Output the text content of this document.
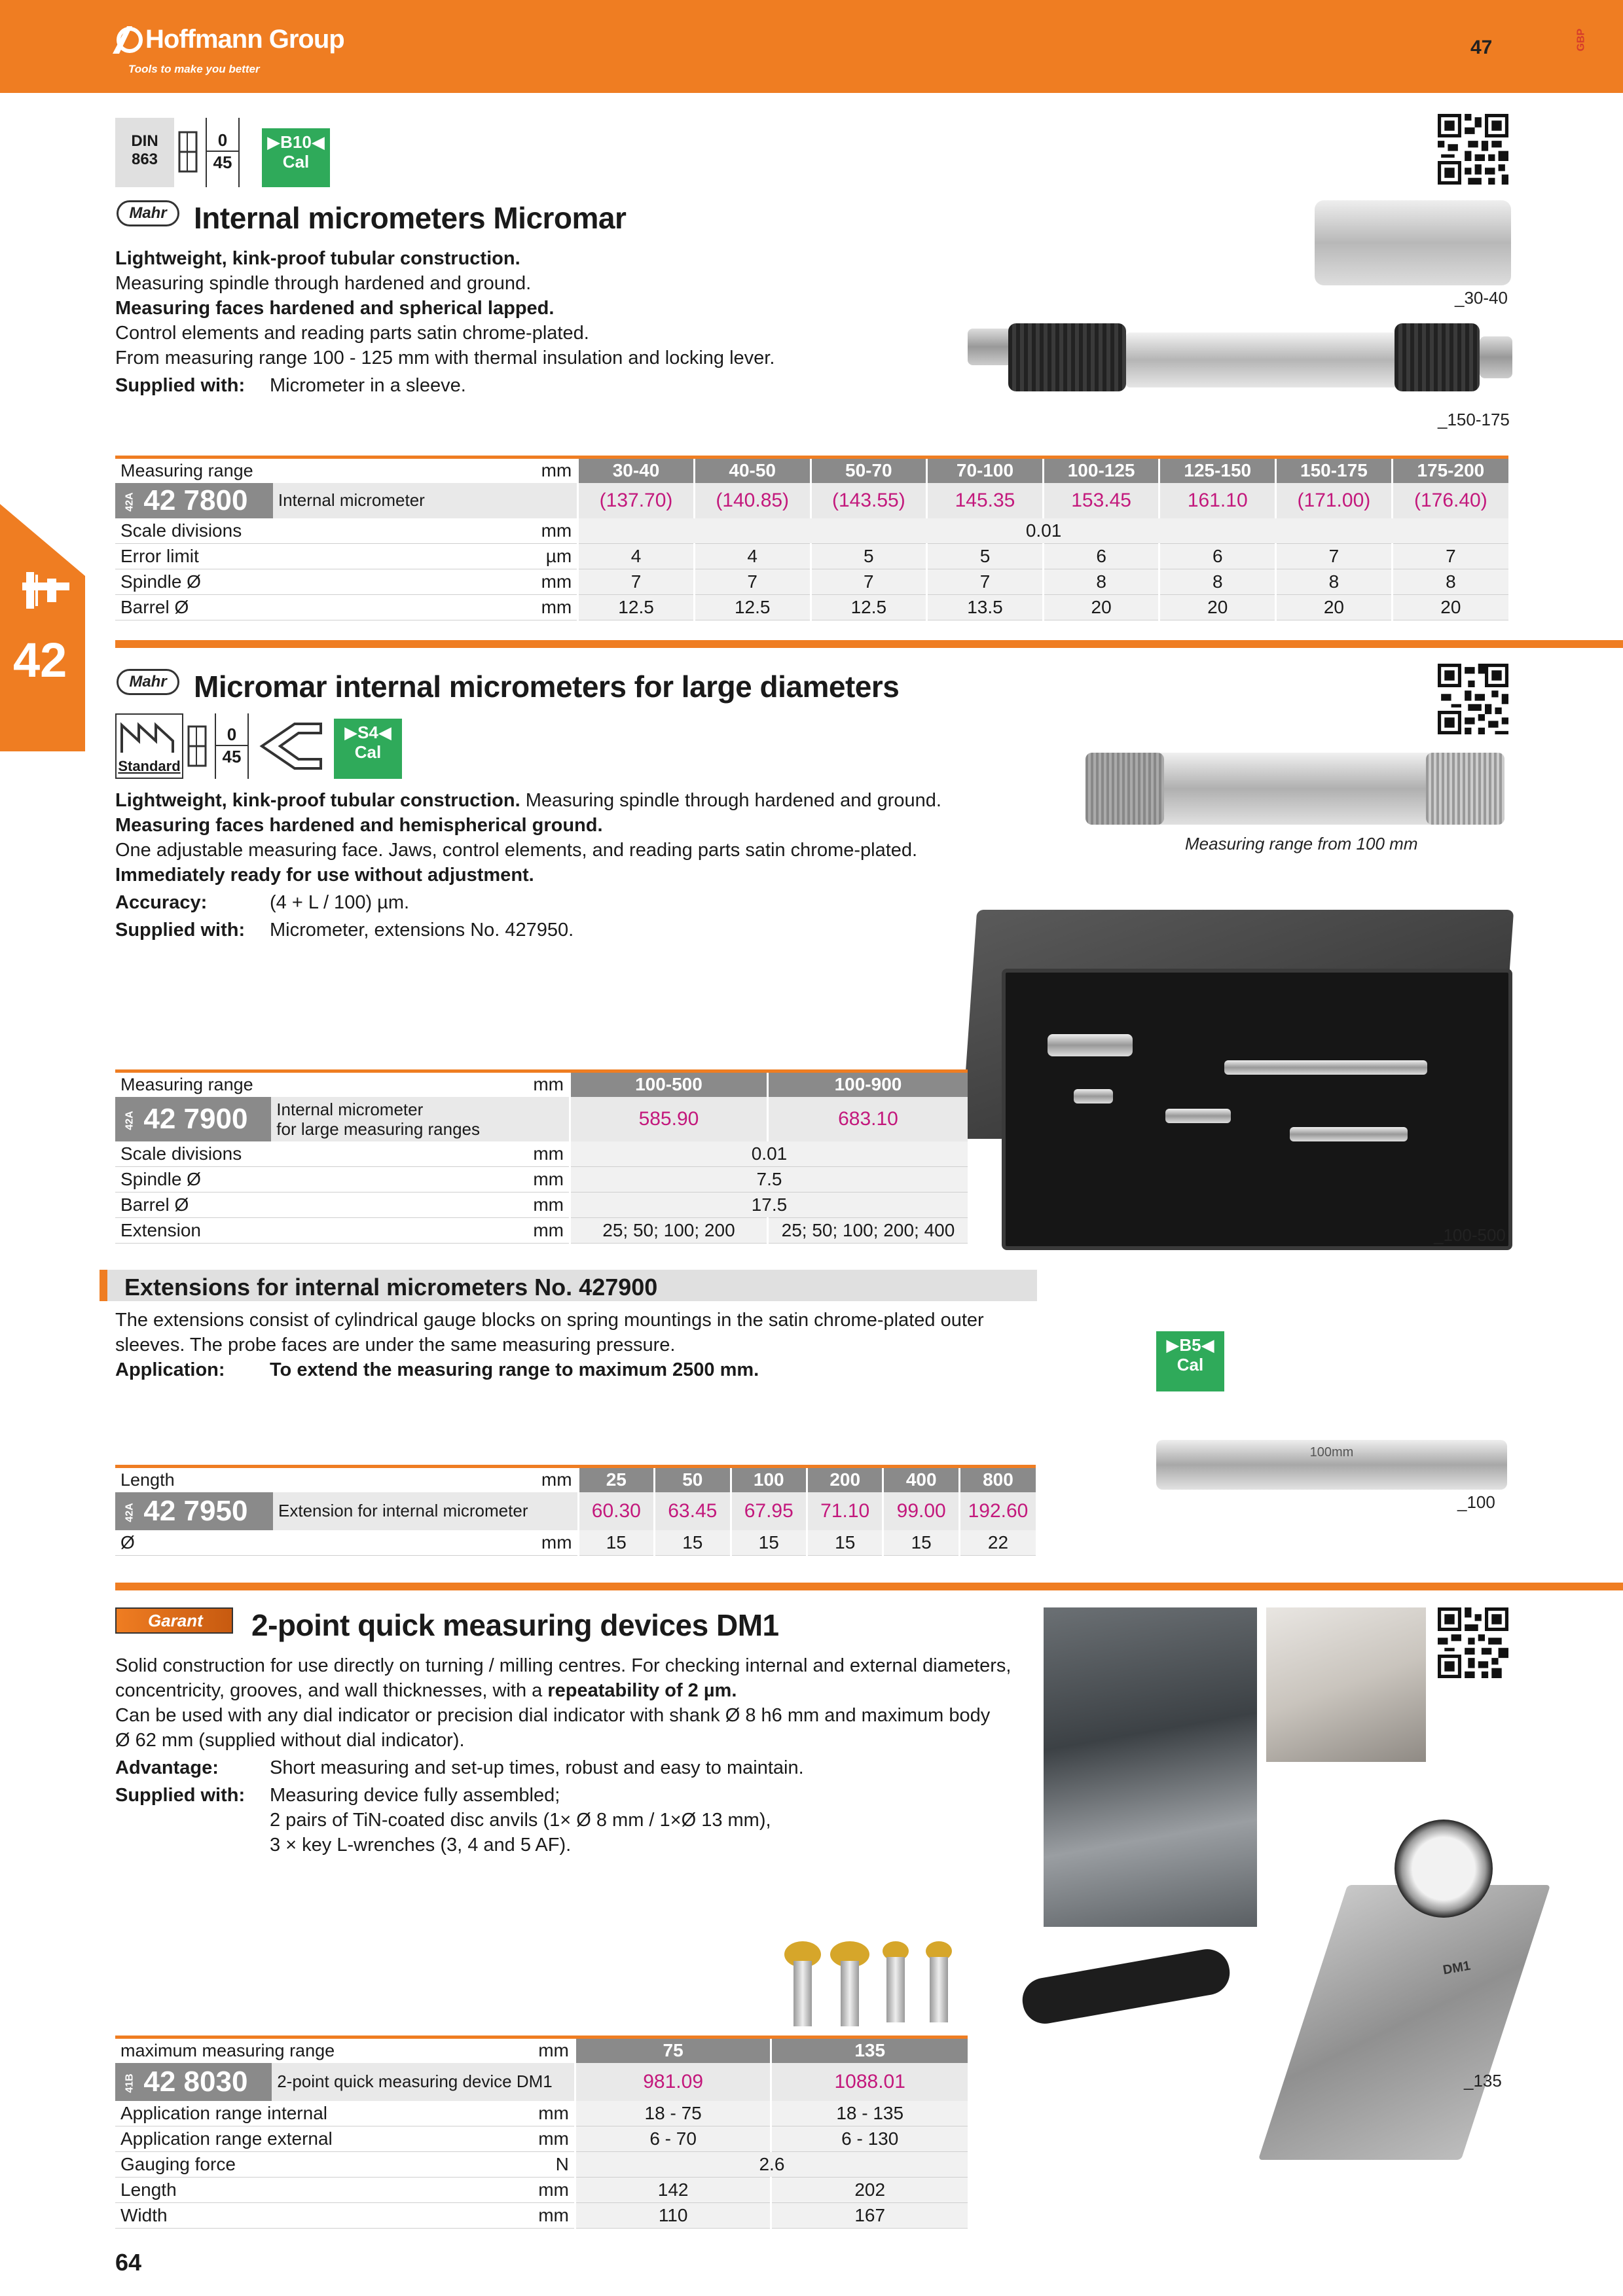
Hoffmann Group
Tools to make you better
47	GBP
42
DIN
863
0
45
▶B10◀
Cal
Mahr Internal micrometers Micromar
Lightweight, kink-proof tubular construction.
Measuring spindle through hardened and ground.
Measuring faces hardened and spherical lapped.
Control elements and reading parts satin chrome-plated.
From measuring range 100 - 125 mm with thermal insulation and locking lever.
Supplied with:	Micrometer in a sleeve.
_30-40
_150-175
Measuring range		mm	30-40	40-50	50-70	70-100	100-125	125-150	150-175	175-200
42A 42 7800	Internal micrometer		(137.70)	(140.85)	(143.55)	145.35	153.45	161.10	(171.00)	(176.40)
Scale divisions		mm	0.01							
Error limit		µm	4	4	5	5	6	6	7	7
Spindle Ø		mm	7	7	7	7	8	8	8	8
Barrel Ø		mm	12.5	12.5	12.5	13.5	20	20	20	20
Mahr Micromar internal micrometers for large diameters
Standard
0
45
▶S4◀
Cal
Lightweight, kink-proof tubular construction. Measuring spindle through hardened and ground.
Measuring faces hardened and hemispherical ground.
One adjustable measuring face. Jaws, control elements, and reading parts satin chrome-plated.
Immediately ready for use without adjustment.
Accuracy:	(4 + L / 100) µm.
Supplied with:	Micrometer, extensions No. 427950.
Measuring range from 100 mm
_100-500
Measuring range		mm	100-500	100-900
42A 42 7900	Internal micrometer
for large measuring ranges		585.90	683.10
Scale divisions		mm	0.01	
Spindle Ø		mm	7.5	
Barrel Ø		mm	17.5	
Extension		mm	25; 50; 100; 200	25; 50; 100; 200; 400
Extensions for internal micrometers No. 427900
The extensions consist of cylindrical gauge blocks on spring mountings in the satin chrome-plated outer
sleeves. The probe faces are under the same measuring pressure.
Application:	To extend the measuring range to maximum 2500 mm.
▶B5◀
Cal
100mm
_100
Length		mm	25	50	100	200	400	800
42A 42 7950	Extension for internal micrometer		60.30	63.45	67.95	71.10	99.00	192.60
Ø		mm	15	15	15	15	15	22
Garant	2-point quick measuring devices DM1
Solid construction for use directly on turning / milling centres. For checking internal and external diameters,
concentricity, grooves, and wall thicknesses, with a repeatability of 2 µm.
Can be used with any dial indicator or precision dial indicator with shank Ø 8 h6 mm and maximum body
Ø 62 mm (supplied without dial indicator).
Advantage:	Short measuring and set-up times, robust and easy to maintain.
Supplied with:	Measuring device fully assembled;
2 pairs of TiN-coated disc anvils (1× Ø 8 mm / 1×Ø 13 mm),
3 × key L-wrenches (3, 4 and 5 AF).
DM1
_135
maximum measuring range		mm	75	135
41B 42 8030	2-point quick measuring device DM1		981.09	1088.01
Application range internal		mm	18 - 75	18 - 135
Application range external		mm	6 - 70	6 - 130
Gauging force		N	2.6	
Length		mm	142	202
Width		mm	110	167
64
